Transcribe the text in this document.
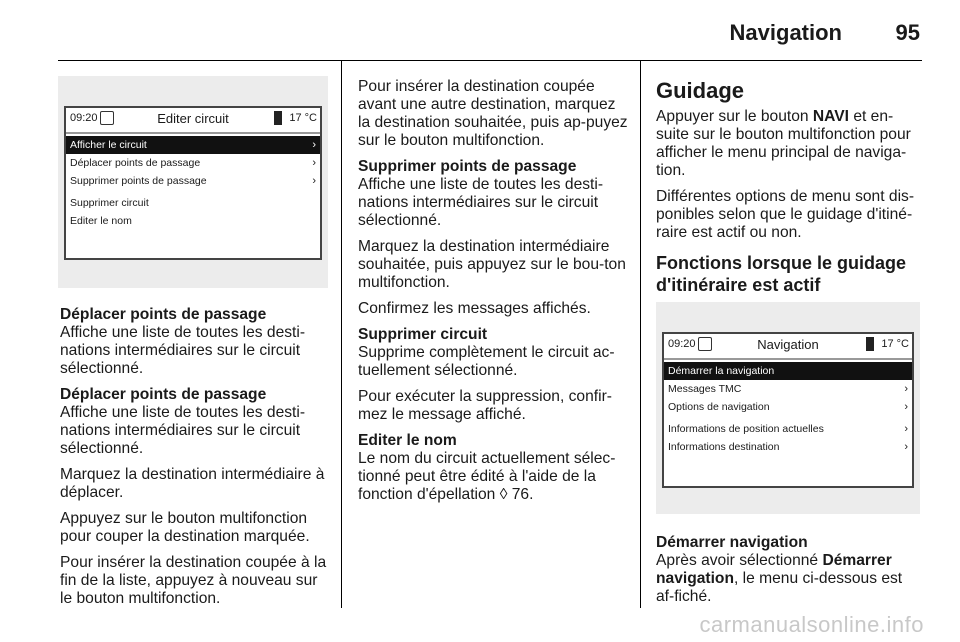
Navigation 95
09:20	Editer circuit	17 °C
Afficher le circuit	›
Déplacer points de passage	›
Supprimer points de passage	›
Supprimer circuit
Editer le nom

Déplacer points de passage

Affiche une liste de toutes les desti-nations intermédiaires sur le circuit sélectionné.

Déplacer points de passage

Affiche une liste de toutes les desti-nations intermédiaires sur le circuit sélectionné.

Marquez la destination intermédiaire à déplacer.

Appuyez sur le bouton multifonction pour couper la destination marquée.

Pour insérer la destination coupée à la fin de la liste, appuyez à nouveau sur le bouton multifonction.

Pour insérer la destination coupée avant une autre destination, marquez la destination souhaitée, puis ap-puyez sur le bouton multifonction.

Supprimer points de passage

Affiche une liste de toutes les desti-nations intermédiaires sur le circuit sélectionné.

Marquez la destination intermédiaire souhaitée, puis appuyez sur le bou-ton multifonction.

Confirmez les messages affichés.

Supprimer circuit

Supprime complètement le circuit ac-tuellement sélectionné.

Pour exécuter la suppression, confir-mez le message affiché.

Editer le nom

Le nom du circuit actuellement sélec-tionné peut être édité à l'aide de la fonction d'épellation ◊ 76.

Guidage

Appuyer sur le bouton NAVI et en-suite sur le bouton multifonction pour afficher le menu principal de naviga-tion.

Différentes options de menu sont dis-ponibles selon que le guidage d'itiné-raire est actif ou non.

Fonctions lorsque le guidage d'itinéraire est actif

09:20	Navigation	17 °C
Démarrer la navigation
Messages TMC	›
Options de navigation	›
Informations de position actuelles	›
Informations destination	›

Démarrer navigation

Après avoir sélectionné Démarrer navigation, le menu ci-dessous est af-fiché.

carmanualsonline.info
